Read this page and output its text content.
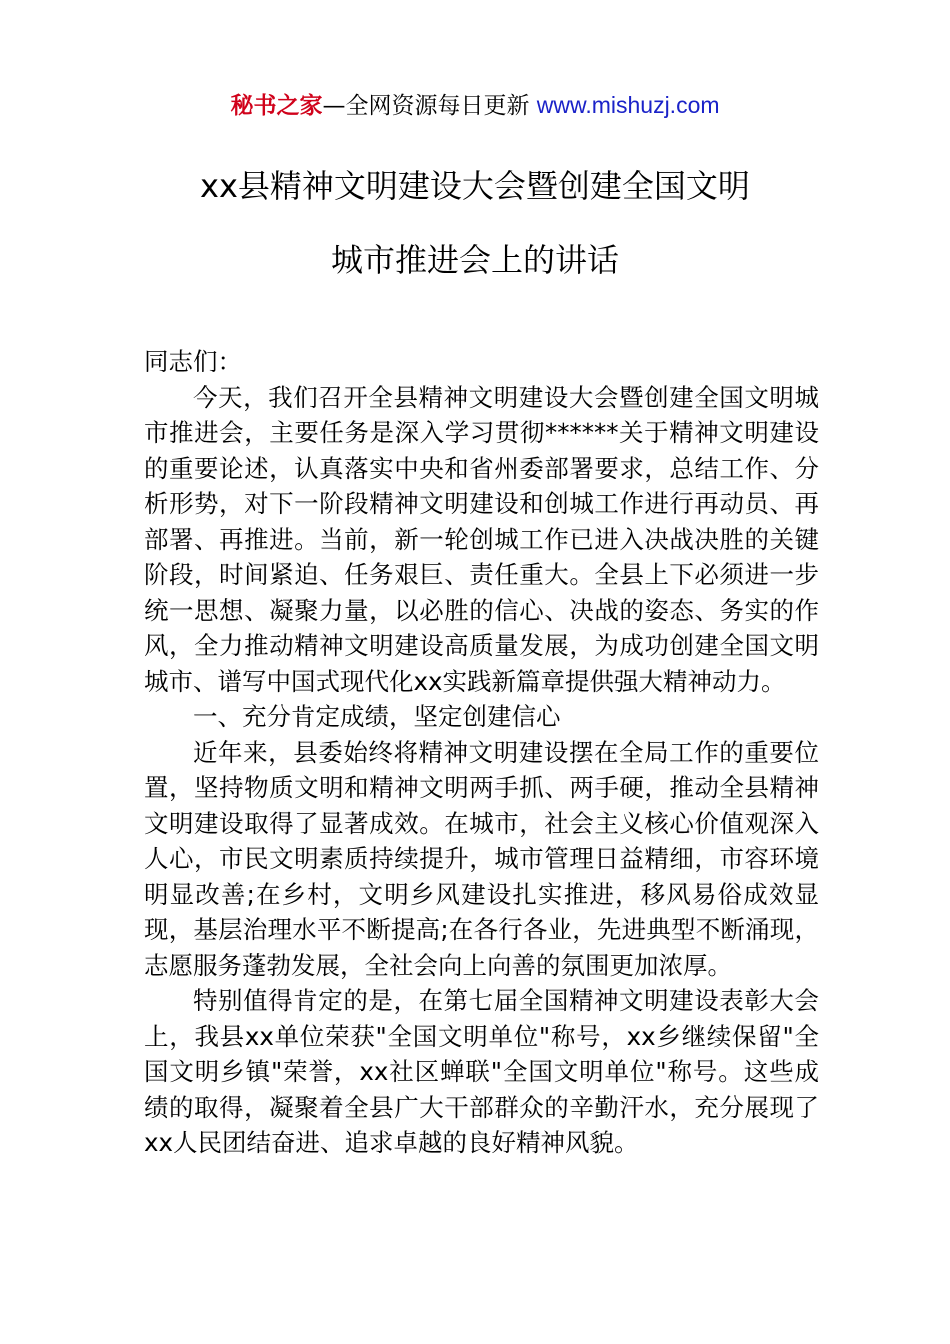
秘书之家—全网资源每日更新 www.mishuzj.com
xx县精神文明建设大会暨创建全国文明
城市推进会上的讲话

同志们：

今天，我们召开全县精神文明建设大会暨创建全国文明城市推进会，主要任务是深入学习贯彻******关于精神文明建设的重要论述，认真落实中央和省州委部署要求，总结工作、分析形势，对下一阶段精神文明建设和创城工作进行再动员、再部署、再推进。当前，新一轮创城工作已进入决战决胜的关键阶段，时间紧迫、任务艰巨、责任重大。全县上下必须进一步统一思想、凝聚力量，以必胜的信心、决战的姿态、务实的作风，全力推动精神文明建设高质量发展，为成功创建全国文明城市、谱写中国式现代化xx实践新篇章提供强大精神动力。

一、充分肯定成绩，坚定创建信心

近年来，县委始终将精神文明建设摆在全局工作的重要位置，坚持物质文明和精神文明两手抓、两手硬，推动全县精神文明建设取得了显著成效。在城市，社会主义核心价值观深入人心，市民文明素质持续提升，城市管理日益精细，市容环境明显改善;在乡村，文明乡风建设扎实推进，移风易俗成效显现，基层治理水平不断提高;在各行各业，先进典型不断涌现，志愿服务蓬勃发展，全社会向上向善的氛围更加浓厚。

特别值得肯定的是，在第七届全国精神文明建设表彰大会上，我县xx单位荣获"全国文明单位"称号，xx乡继续保留"全国文明乡镇"荣誉，xx社区蝉联"全国文明单位"称号。这些成绩的取得，凝聚着全县广大干部群众的辛勤汗水，充分展现了xx人民团结奋进、追求卓越的良好精神风貌。
